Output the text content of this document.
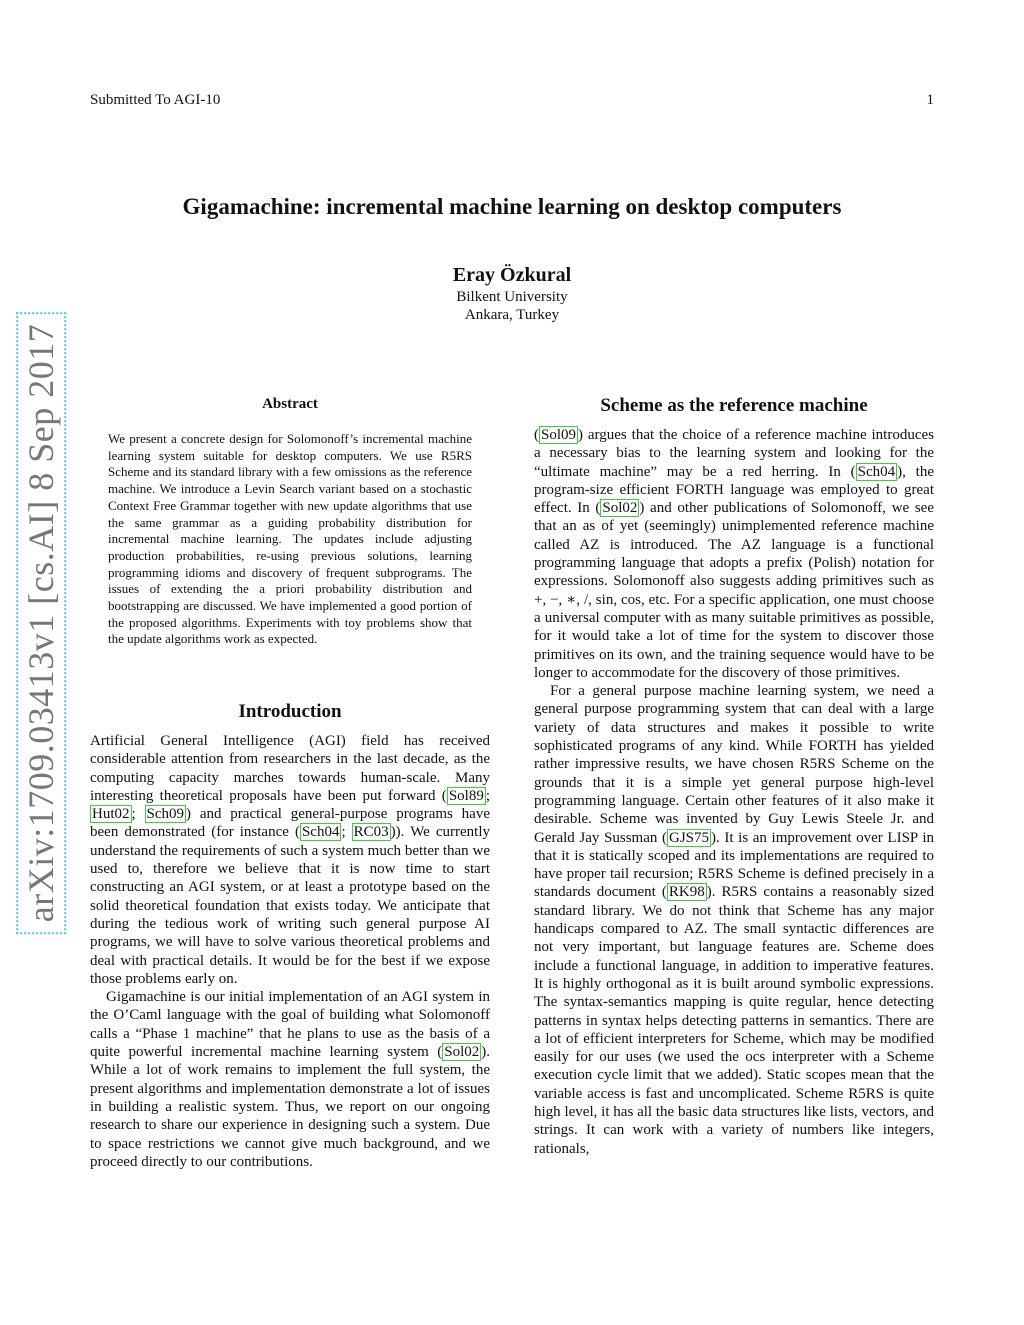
Submitted To AGI-10	1
arXiv:1709.03413v1 [cs.AI] 8 Sep 2017
Gigamachine: incremental machine learning on desktop computers
Eray Özkural
Bilkent University
Ankara, Turkey
Abstract

We present a concrete design for Solomonoff’s incremental machine learning system suitable for desktop computers. We use R5RS Scheme and its standard library with a few omissions as the reference machine. We introduce a Levin Search variant based on a stochastic Context Free Grammar together with new update algorithms that use the same grammar as a guiding probability distribution for incremental machine learning. The updates include adjusting production probabilities, re-using previous solutions, learning programming idioms and discovery of frequent subprograms. The issues of extending the a priori probability distribution and bootstrapping are discussed. We have implemented a good portion of the proposed algorithms. Experiments with toy problems show that the update algorithms work as expected.

Introduction

Artificial General Intelligence (AGI) field has received considerable attention from researchers in the last decade, as the computing capacity marches towards human-scale. Many interesting theoretical proposals have been put forward ( Sol89 ; Hut02 ; Sch09 ) and practical general-purpose programs have been demonstrated (for instance ( Sch04 ; RC03 )). We currently understand the requirements of such a system much better than we used to, therefore we believe that it is now time to start constructing an AGI system, or at least a prototype based on the solid theoretical foundation that exists today. We anticipate that during the tedious work of writing such general purpose AI programs, we will have to solve various theoretical problems and deal with practical details. It would be for the best if we expose those problems early on.

Gigamachine is our initial implementation of an AGI system in the O’Caml language with the goal of building what Solomonoff calls a “Phase 1 machine” that he plans to use as the basis of a quite powerful incremental machine learning system ( Sol02 ). While a lot of work remains to implement the full system, the present algorithms and implementation demonstrate a lot of issues in building a realistic system. Thus, we report on our ongoing research to share our experience in designing such a system. Due to space restrictions we cannot give much background, and we proceed directly to our contributions.

Scheme as the reference machine

( Sol09 ) argues that the choice of a reference machine introduces a necessary bias to the learning system and looking for the “ultimate machine” may be a red herring. In ( Sch04 ), the program-size efficient FORTH language was employed to great effect. In ( Sol02 ) and other publications of Solomonoff, we see that an as of yet (seemingly) unimplemented reference machine called AZ is introduced. The AZ language is a functional programming language that adopts a prefix (Polish) notation for expressions. Solomonoff also suggests adding primitives such as +, −, ∗, /, sin, cos, etc. For a specific application, one must choose a universal computer with as many suitable primitives as possible, for it would take a lot of time for the system to discover those primitives on its own, and the training sequence would have to be longer to accommodate for the discovery of those primitives.

For a general purpose machine learning system, we need a general purpose programming system that can deal with a large variety of data structures and makes it possible to write sophisticated programs of any kind. While FORTH has yielded rather impressive results, we have chosen R5RS Scheme on the grounds that it is a simple yet general purpose high-level programming language. Certain other features of it also make it desirable. Scheme was invented by Guy Lewis Steele Jr. and Gerald Jay Sussman ( GJS75 ). It is an improvement over LISP in that it is statically scoped and its implementations are required to have proper tail recursion; R5RS Scheme is defined precisely in a standards document ( RK98 ). R5RS contains a reasonably sized standard library. We do not think that Scheme has any major handicaps compared to AZ. The small syntactic differences are not very important, but language features are. Scheme does include a functional language, in addition to imperative features. It is highly orthogonal as it is built around symbolic expressions. The syntax-semantics mapping is quite regular, hence detecting patterns in syntax helps detecting patterns in semantics. There are a lot of efficient interpreters for Scheme, which may be modified easily for our uses (we used the ocs interpreter with a Scheme execution cycle limit that we added). Static scopes mean that the variable access is fast and uncomplicated. Scheme R5RS is quite high level, it has all the basic data structures like lists, vectors, and strings. It can work with a variety of numbers like integers, rationals,
